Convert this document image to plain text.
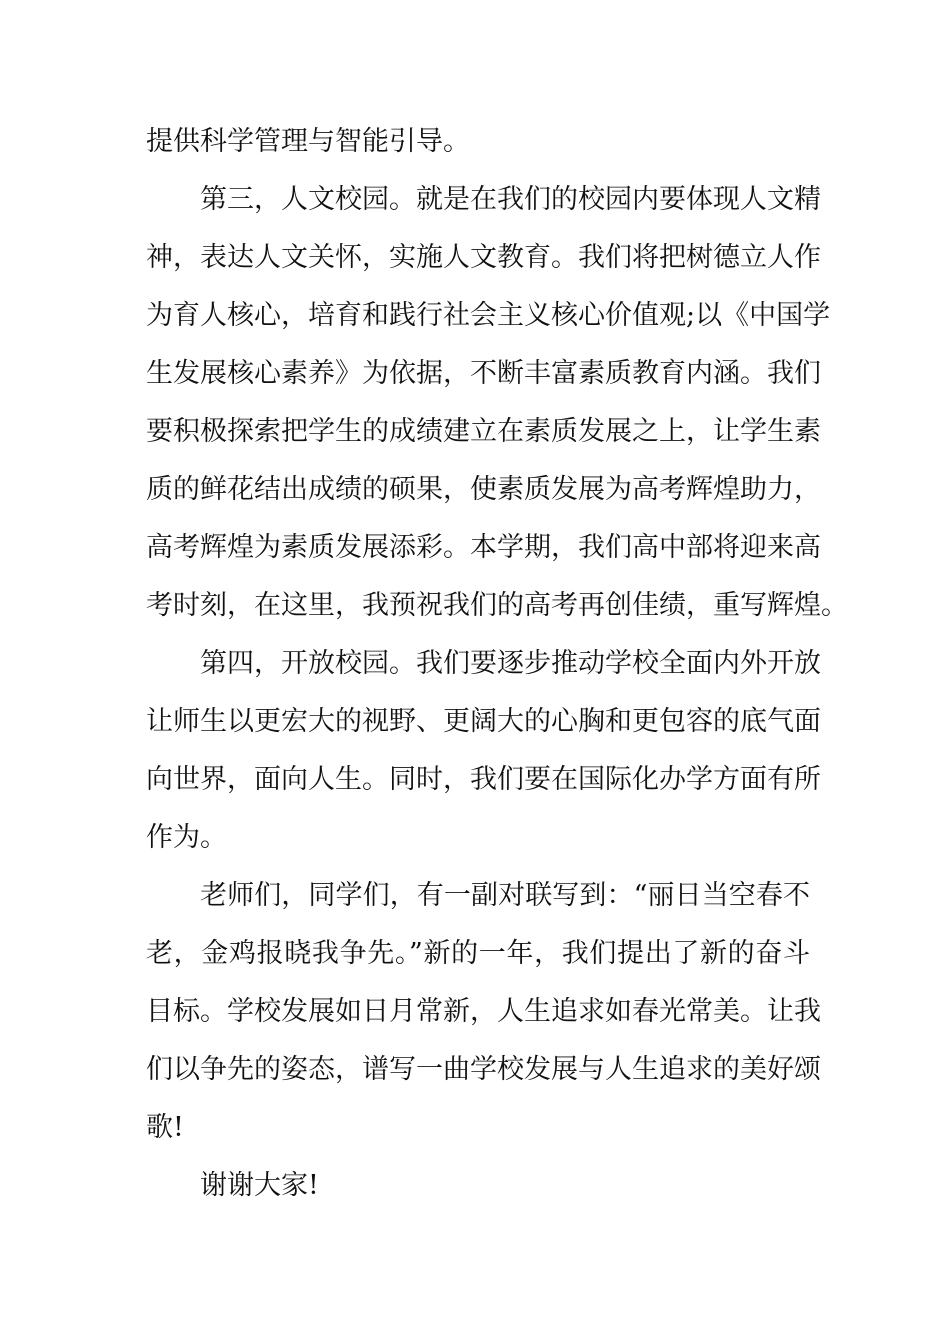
提供科学管理与智能引导。
第三，人文校园。就是在我们的校园内要体现人文精
神，表达人文关怀，实施人文教育。我们将把树德立人作
为育人核心，培育和践行社会主义核心价值观;以《中国学
生发展核心素养》为依据，不断丰富素质教育内涵。我们
要积极探索把学生的成绩建立在素质发展之上，让学生素
质的鲜花结出成绩的硕果，使素质发展为高考辉煌助力，
高考辉煌为素质发展添彩。本学期，我们高中部将迎来高
考时刻，在这里，我预祝我们的高考再创佳绩，重写辉煌。
第四，开放校园。我们要逐步推动学校全面内外开放
让师生以更宏大的视野、更阔大的心胸和更包容的底气面
向世界，面向人生。同时，我们要在国际化办学方面有所
作为。
老师们，同学们，有一副对联写到：“丽日当空春不
老，金鸡报晓我争先。”新的一年，我们提出了新的奋斗
目标。学校发展如日月常新，人生追求如春光常美。让我
们以争先的姿态，谱写一曲学校发展与人生追求的美好颂
歌!
谢谢大家!
